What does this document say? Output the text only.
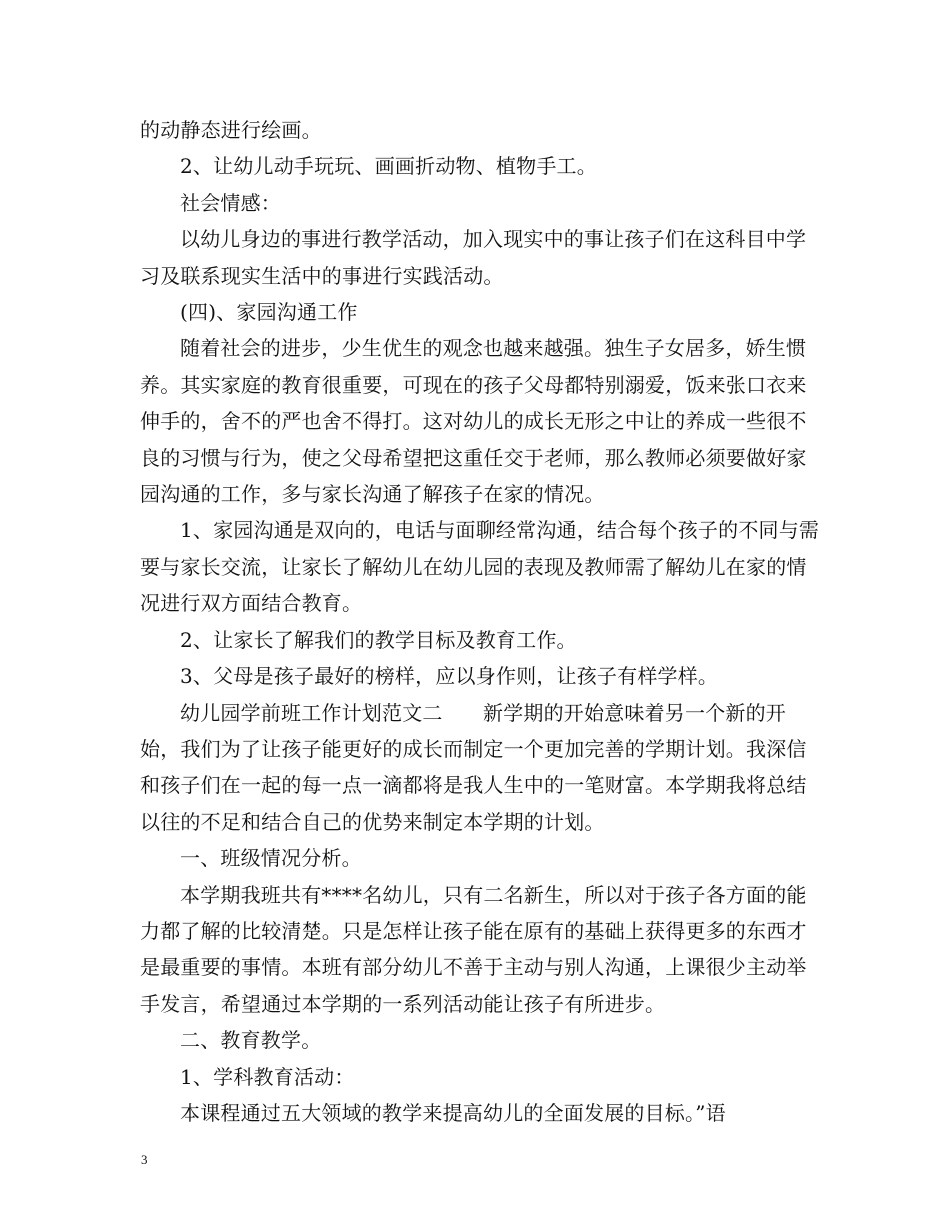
的动静态进行绘画。

2、让幼儿动手玩玩、画画折动物、植物手工。

社会情感：

以幼儿身边的事进行教学活动，加入现实中的事让孩子们在这科目中学习及联系现实生活中的事进行实践活动。

(四)、家园沟通工作

随着社会的进步，少生优生的观念也越来越强。独生子女居多，娇生惯养。其实家庭的教育很重要，可现在的孩子父母都特别溺爱，饭来张口衣来伸手的，舍不的严也舍不得打。这对幼儿的成长无形之中让的养成一些很不良的习惯与行为，使之父母希望把这重任交于老师，那么教师必须要做好家园沟通的工作，多与家长沟通了解孩子在家的情况。

1、家园沟通是双向的，电话与面聊经常沟通，结合每个孩子的不同与需要与家长交流，让家长了解幼儿在幼儿园的表现及教师需了解幼儿在家的情况进行双方面结合教育。

2、让家长了解我们的教学目标及教育工作。

3、父母是孩子最好的榜样，应以身作则，让孩子有样学样。

幼儿园学前班工作计划范文二　　新学期的开始意味着另一个新的开始，我们为了让孩子能更好的成长而制定一个更加完善的学期计划。我深信和孩子们在一起的每一点一滴都将是我人生中的一笔财富。本学期我将总结以往的不足和结合自己的优势来制定本学期的计划。

一、班级情况分析。

本学期我班共有****名幼儿，只有二名新生，所以对于孩子各方面的能力都了解的比较清楚。只是怎样让孩子能在原有的基础上获得更多的东西才是最重要的事情。本班有部分幼儿不善于主动与别人沟通，上课很少主动举手发言，希望通过本学期的一系列活动能让孩子有所进步。

二、教育教学。

1、学科教育活动：

本课程通过五大领域的教学来提高幼儿的全面发展的目标。”语

3
